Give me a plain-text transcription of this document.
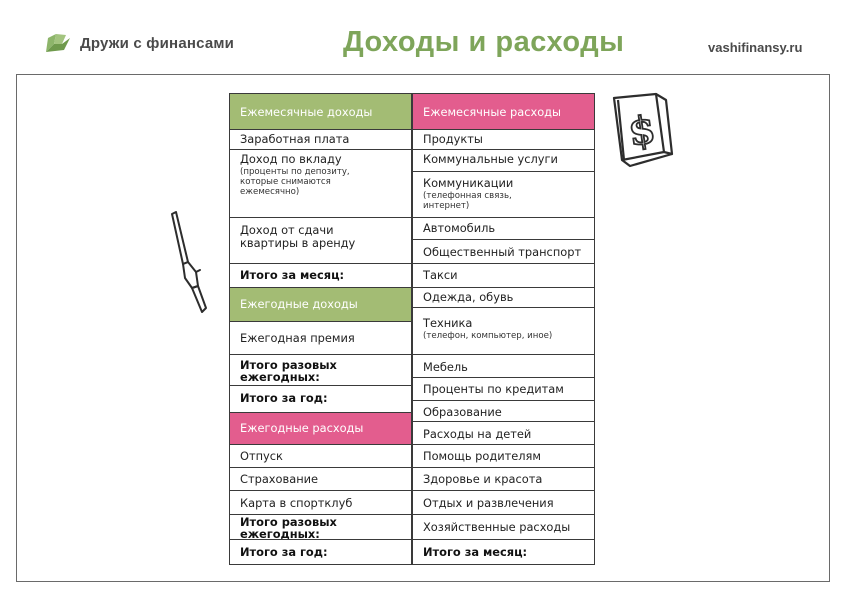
Дружи с финансами	Доходы и расходы	vashifinansy.ru
Ежемесячные доходы
Заработная плата
Доход по вкладу
(проценты по депозиту, которые снимаются ежемесячно)
Доход от сдачи квартиры в аренду
Итого за месяц:
Ежегодные доходы
Ежегодная премия
Итого разовых ежегодных:
Итого за год:
Ежегодные расходы
Отпуск
Страхование
Карта в спортклуб
Итого разовых ежегодных:
Итого за год:
Ежемесячные расходы
Продукты
Коммунальные услуги
Коммуникации
(телефонная связь, интернет)
Автомобиль
Общественный транспорт
Такси
Одежда, обувь
Техника
(телефон, компьютер, иное)
Мебель
Проценты по кредитам
Образование
Расходы на детей
Помощь родителям
Здоровье и красота
Отдых и развлечения
Хозяйственные расходы
Итого за месяц:
$
